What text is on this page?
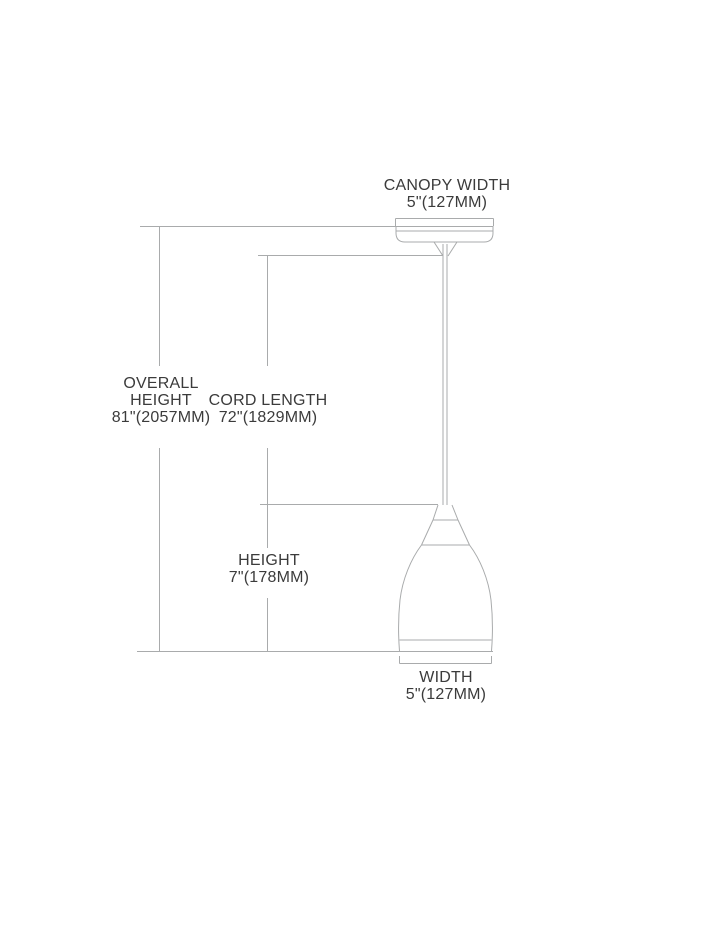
CANOPY WIDTH
5"(127MM)
OVERALL
HEIGHT
81"(2057MM)
CORD LENGTH
72"(1829MM)
HEIGHT
7"(178MM)
WIDTH
5"(127MM)
